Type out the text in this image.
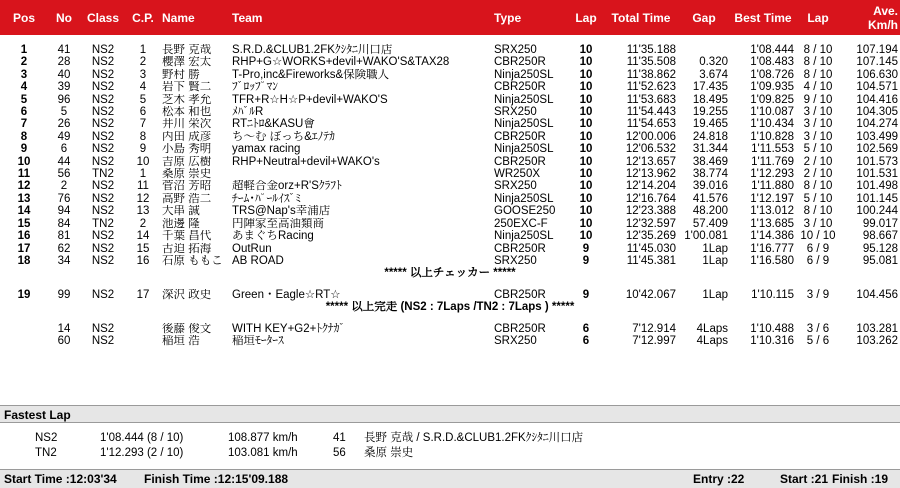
Pos	No	Class	C.P.	Name	Team	Type	Lap	Total Time	Gap	Best Time	Lap	Ave.
Km/h

1	41	NS2	1	長野 克哉	S.R.D.&CLUB1.2FKｸｼﾀﾆ川口店	SRX250	10	11'35.188		1'08.444	8 / 10	107.194
2	28	NS2	2	櫻澤 宏太	RHP+G☆WORKS+devil+WAKO'S&TAX28	CBR250R	10	11'35.508	0.320	1'08.483	8 / 10	107.145
3	40	NS2	3	野村 勝	T-Pro,inc&Fireworks&保険職人	Ninja250SL	10	11'38.862	3.674	1'08.726	8 / 10	106.630
4	39	NS2	4	岩下 賢二	ﾌﾞﾛｯﾌﾟﾏﾝ	CBR250R	10	11'52.623	17.435	1'09.935	4 / 10	104.571
5	96	NS2	5	芝木 孝允	TFR+R☆H☆P+devil+WAKO'S	Ninja250SL	10	11'53.683	18.495	1'09.825	9 / 10	104.416
6	5	NS2	6	松本 和也	ﾒﾊﾞﾙR	SRX250	10	11'54.443	19.255	1'10.087	3 / 10	104.305
7	26	NS2	7	井川 栄次	RTﾆﾄﾛ&KASU會	Ninja250SL	10	11'54.653	19.465	1'10.434	3 / 10	104.274
8	49	NS2	8	内田 成彦	ち～む ぼっち&ｴﾉﾃｶ	CBR250R	10	12'00.006	24.818	1'10.828	3 / 10	103.499
9	6	NS2	9	小島 秀明	yamax racing	Ninja250SL	10	12'06.532	31.344	1'11.553	5 / 10	102.569
10	44	NS2	10	吉原 広樹	RHP+Neutral+devil+WAKO's	CBR250R	10	12'13.657	38.469	1'11.769	2 / 10	101.573
11	56	TN2	1	桑原 崇史		WR250X	10	12'13.962	38.774	1'12.293	2 / 10	101.531
12	2	NS2	11	菅沼 芳昭	超軽合金orz+R'Sｸﾗﾌﾄ	SRX250	10	12'14.204	39.016	1'11.880	8 / 10	101.498
13	76	NS2	12	高野 浩二	ﾁｰﾑ･ﾊﾟｰﾙｲｽﾞﾐ	Ninja250SL	10	12'16.764	41.576	1'12.197	5 / 10	101.145
14	94	NS2	13	大串 誠	TRS@Nap's幸浦店	GOOSE250	10	12'23.388	48.200	1'13.012	8 / 10	100.244
15	84	TN2	2	池邊 隆	円陣家至高油類商	250EXC-F	10	12'32.597	57.409	1'13.685	3 / 10	99.017
16	81	NS2	14	千葉 昌代	あまぐちRacing	Ninja250SL	10	12'35.269	1'00.081	1'14.386	10 / 10	98.667
17	62	NS2	15	古迫 拓海	OutRun	CBR250R	9	11'45.030	1Lap	1'16.777	6 / 9	95.128
18	34	NS2	16	石原 ももこ	AB ROAD	SRX250	9	11'45.381	1Lap	1'16.580	6 / 9	95.081
***** 以上チェッカー *****												

19	99	NS2	17	深沢 政史	Green・Eagle☆RT☆	CBR250R	9	10'42.067	1Lap	1'10.115	3 / 9	104.456
***** 以上完走 (NS2 : 7Laps /TN2 : 7Laps ) *****												

	14	NS2		後藤 俊文	WITH KEY+G2+ﾄｸﾅｶﾞ	CBR250R	6	7'12.914	4Laps	1'10.488	3 / 6	103.281
	60	NS2		稲垣 浩	稲垣ﾓｰﾀｰｽ	SRX250	6	7'12.997	4Laps	1'10.316	5 / 6	103.262
Fastest Lap
NS2	1'08.444 (8 / 10)	108.877 km/h	41 長野 克哉 / S.R.D.&CLUB1.2FKｸｼﾀﾆ川口店
TN2	1'12.293 (2 / 10)	103.081 km/h	56 桑原 崇史
Start Time :12:03'34 Finish Time :12:15'09.188	Entry :22	Start :21 Finish :19
